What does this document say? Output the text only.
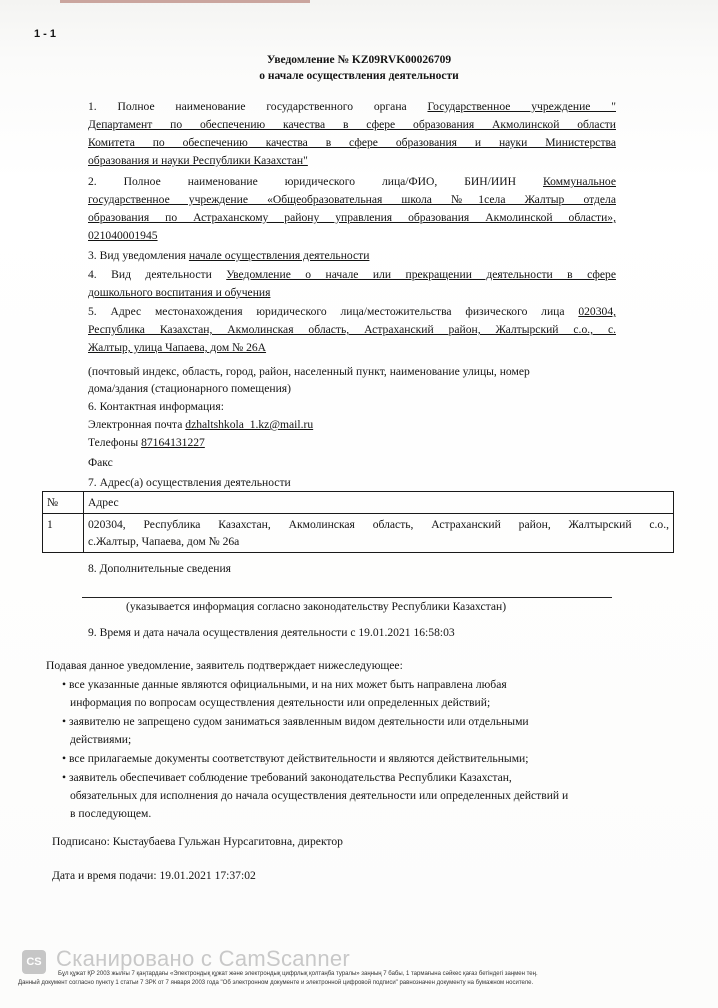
1 - 1
Уведомление № KZ09RVK00026709
о начале осуществления деятельности
1. Полное наименование государственного органа Государственное учреждение "
Департамент по обеспечению качества в сфере образования Акмолинской области
Комитета по обеспечению качества в сфере образования и науки Министерства
образования и науки Республики Казахстан"
2. Полное наименование юридического лица/ФИО, БИН/ИИН Коммунальное
государственное учреждение «Общеобразовательная школа №1села Жалтыр отдела
образования по Астраханскому району управления образования Акмолинской области»,
021040001945
3. Вид уведомления начале осуществления деятельности
4. Вид деятельности Уведомление о начале или прекращении деятельности в сфере
дошкольного воспитания и обучения
5. Адрес местонахождения юридического лица/местожительства физического лица 020304,
Республика Казахстан, Акмолинская область, Астраханский район, Жалтырский с.о., с.
Жалтыр, улица Чапаева, дом № 26А
(почтовый индекс, область, город, район, населенный пункт, наименование улицы, номер
дома/здания (стационарного помещения)
6. Контактная информация:
Электронная почта dzhaltshkola_1.kz@mail.ru
Телефоны 87164131227
Факс
7. Адрес(а) осуществления деятельности
№	Адрес
1	020304, Республика Казахстан, Акмолинская область, Астраханский район, Жалтырский с.о.,
с.Жалтыр, Чапаева, дом № 26а
8. Дополнительные сведения
(указывается информация согласно законодательству Республики Казахстан)
9. Время и дата начала осуществления деятельности с 19.01.2021 16:58:03
Подавая данное уведомление, заявитель подтверждает нижеследующее:
• все указанные данные являются официальными, и на них может быть направлена любая
информация по вопросам осуществления деятельности или определенных действий;
• заявителю не запрещено судом заниматься заявленным видом деятельности или отдельными
действиями;
• все прилагаемые документы соответствуют действительности и являются действительными;
• заявитель обеспечивает соблюдение требований законодательства Республики Казахстан,
обязательных для исполнения до начала осуществления деятельности или определенных действий и
в последующем.
Подписано: Кыстаубаева Гульжан Нурсагитовна, директор
Дата и время подачи: 19.01.2021 17:37:02
CS Сканировано с CamScanner
Бұл құжат ҚР 2003 жылғы 7 қаңтардағы «Электрондық құжат және электрондық цифрлық қолтаңба туралы» заңның 7 бабы, 1 тармағына сәйкес қағаз бетіндегі заңмен тең.
Данный документ согласно пункту 1 статьи 7 ЗРК от 7 января 2003 года "Об электронном документе и электронной цифровой подписи" равнозначен документу на бумажном носителе.
